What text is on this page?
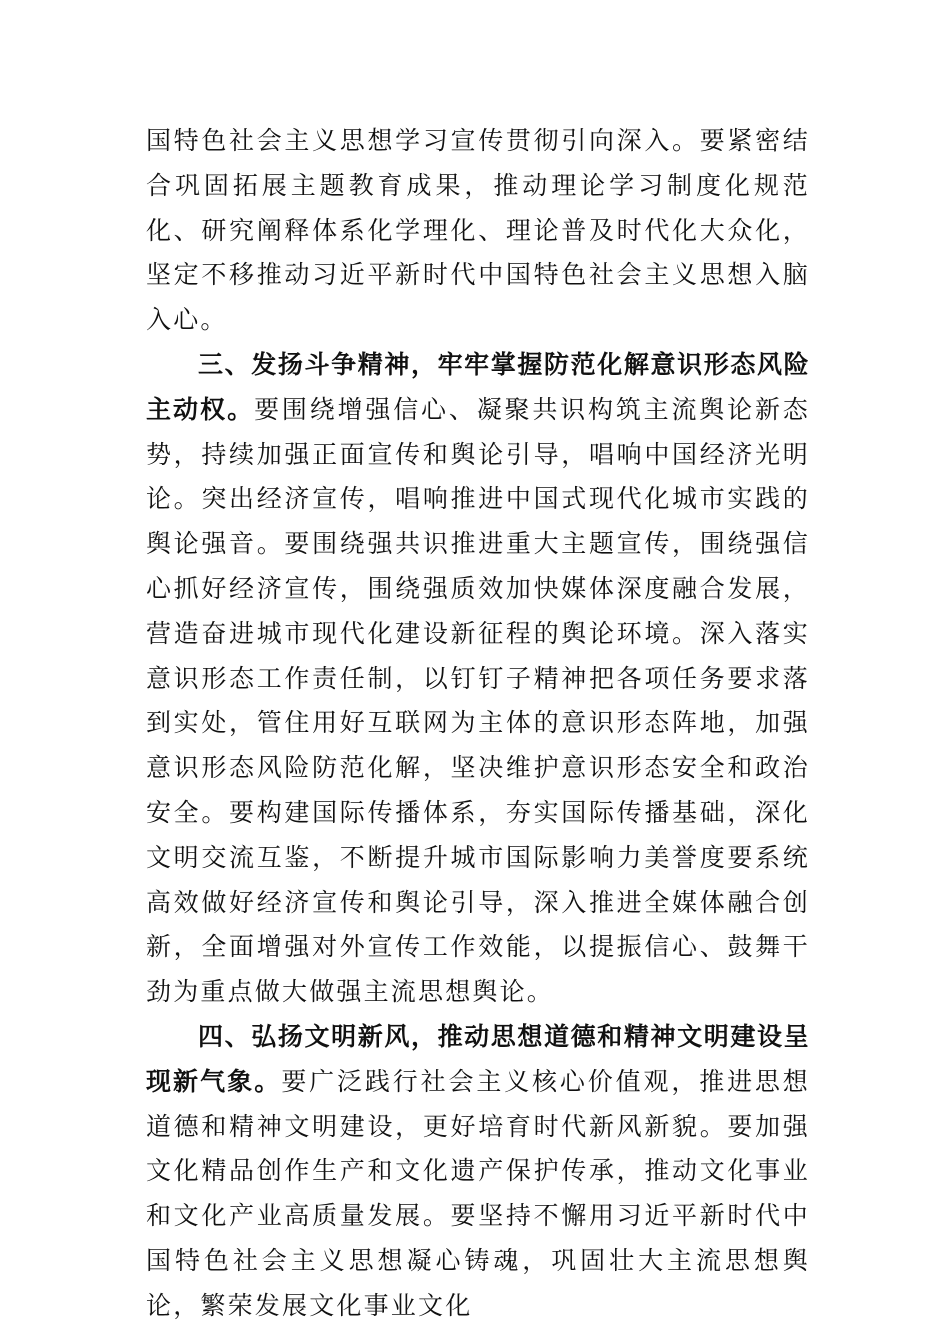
国特色社会主义思想学习宣传贯彻引向深入。要紧密结合巩固拓展主题教育成果，推动理论学习制度化规范化、研究阐释体系化学理化、理论普及时代化大众化，坚定不移推动习近平新时代中国特色社会主义思想入脑入心。

三、发扬斗争精神，牢牢掌握防范化解意识形态风险主动权。要围绕增强信心、凝聚共识构筑主流舆论新态势，持续加强正面宣传和舆论引导，唱响中国经济光明论。突出经济宣传，唱响推进中国式现代化城市实践的舆论强音。要围绕强共识推进重大主题宣传，围绕强信心抓好经济宣传，围绕强质效加快媒体深度融合发展，营造奋进城市现代化建设新征程的舆论环境。深入落实意识形态工作责任制，以钉钉子精神把各项任务要求落到实处，管住用好互联网为主体的意识形态阵地，加强意识形态风险防范化解，坚决维护意识形态安全和政治安全。要构建国际传播体系，夯实国际传播基础，深化文明交流互鉴，不断提升城市国际影响力美誉度要系统高效做好经济宣传和舆论引导，深入推进全媒体融合创新，全面增强对外宣传工作效能，以提振信心、鼓舞干劲为重点做大做强主流思想舆论。

四、弘扬文明新风，推动思想道德和精神文明建设呈现新气象。要广泛践行社会主义核心价值观，推进思想道德和精神文明建设，更好培育时代新风新貌。要加强文化精品创作生产和文化遗产保护传承，推动文化事业和文化产业高质量发展。要坚持不懈用习近平新时代中国特色社会主义思想凝心铸魂，巩固壮大主流思想舆论，繁荣发展文化事业文化
